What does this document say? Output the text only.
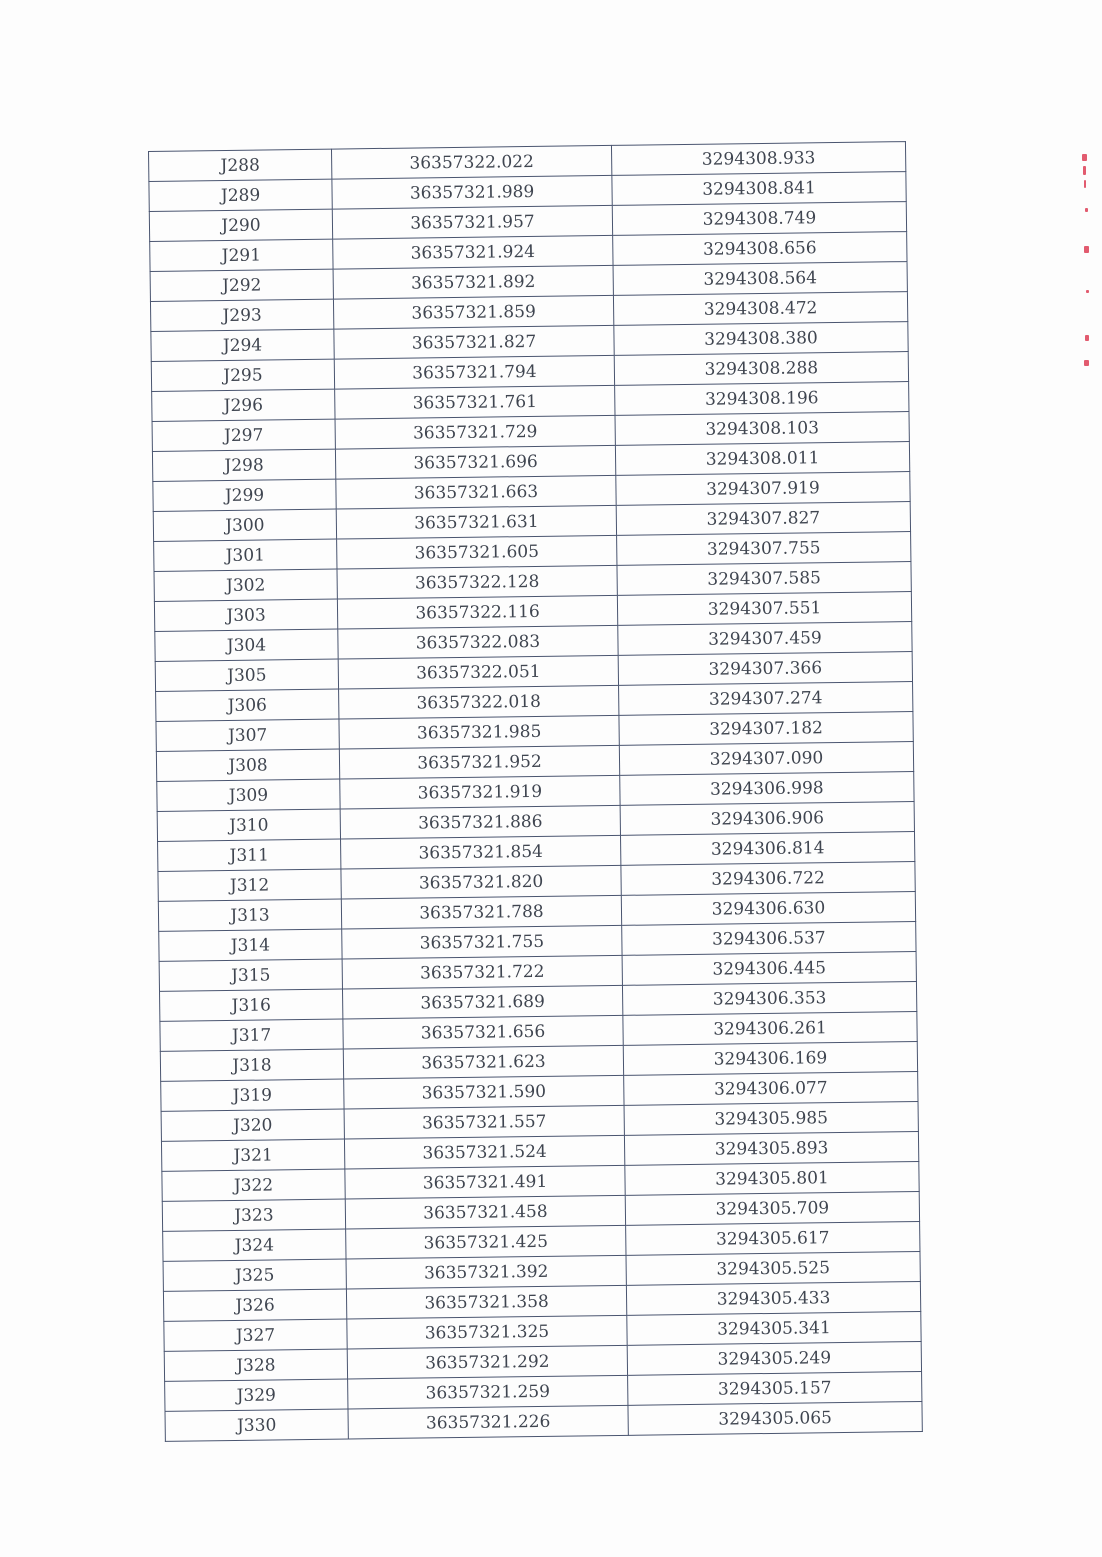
J288	36357322.022	3294308.933
J289	36357321.989	3294308.841
J290	36357321.957	3294308.749
J291	36357321.924	3294308.656
J292	36357321.892	3294308.564
J293	36357321.859	3294308.472
J294	36357321.827	3294308.380
J295	36357321.794	3294308.288
J296	36357321.761	3294308.196
J297	36357321.729	3294308.103
J298	36357321.696	3294308.011
J299	36357321.663	3294307.919
J300	36357321.631	3294307.827
J301	36357321.605	3294307.755
J302	36357322.128	3294307.585
J303	36357322.116	3294307.551
J304	36357322.083	3294307.459
J305	36357322.051	3294307.366
J306	36357322.018	3294307.274
J307	36357321.985	3294307.182
J308	36357321.952	3294307.090
J309	36357321.919	3294306.998
J310	36357321.886	3294306.906
J311	36357321.854	3294306.814
J312	36357321.820	3294306.722
J313	36357321.788	3294306.630
J314	36357321.755	3294306.537
J315	36357321.722	3294306.445
J316	36357321.689	3294306.353
J317	36357321.656	3294306.261
J318	36357321.623	3294306.169
J319	36357321.590	3294306.077
J320	36357321.557	3294305.985
J321	36357321.524	3294305.893
J322	36357321.491	3294305.801
J323	36357321.458	3294305.709
J324	36357321.425	3294305.617
J325	36357321.392	3294305.525
J326	36357321.358	3294305.433
J327	36357321.325	3294305.341
J328	36357321.292	3294305.249
J329	36357321.259	3294305.157
J330	36357321.226	3294305.065
